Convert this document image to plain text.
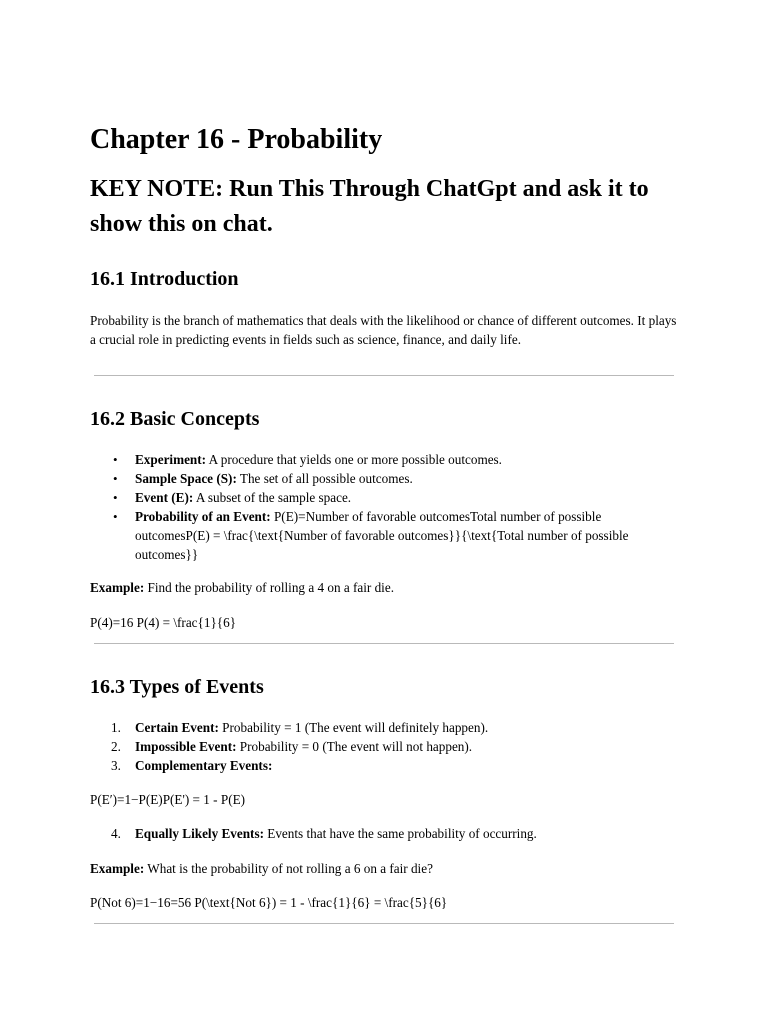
Chapter 16 - Probability
KEY NOTE: Run This Through ChatGpt and ask it to show this on chat.
16.1 Introduction

Probability is the branch of mathematics that deals with the likelihood or chance of different outcomes. It plays a crucial role in predicting events in fields such as science, finance, and daily life.

16.2 Basic Concepts
• Experiment: A procedure that yields one or more possible outcomes.
• Sample Space (S): The set of all possible outcomes.
• Event (E): A subset of the sample space.
• Probability of an Event: P(E)=Number of favorable outcomesTotal number of possible outcomesP(E) = \frac{\text{Number of favorable outcomes}}{\text{Total number of possible outcomes}}

Example: Find the probability of rolling a 4 on a fair die.

P(4)=16 P(4) = \frac{1}{6}

16.3 Types of Events
1. Certain Event: Probability = 1 (The event will definitely happen).
2. Impossible Event: Probability = 0 (The event will not happen).
3. Complementary Events:

P(E′)=1−P(E)P(E') = 1 - P(E)

4. Equally Likely Events: Events that have the same probability of occurring.

Example: What is the probability of not rolling a 6 on a fair die?

P(Not 6)=1−16=56 P(\text{Not 6}) = 1 - \frac{1}{6} = \frac{5}{6}
